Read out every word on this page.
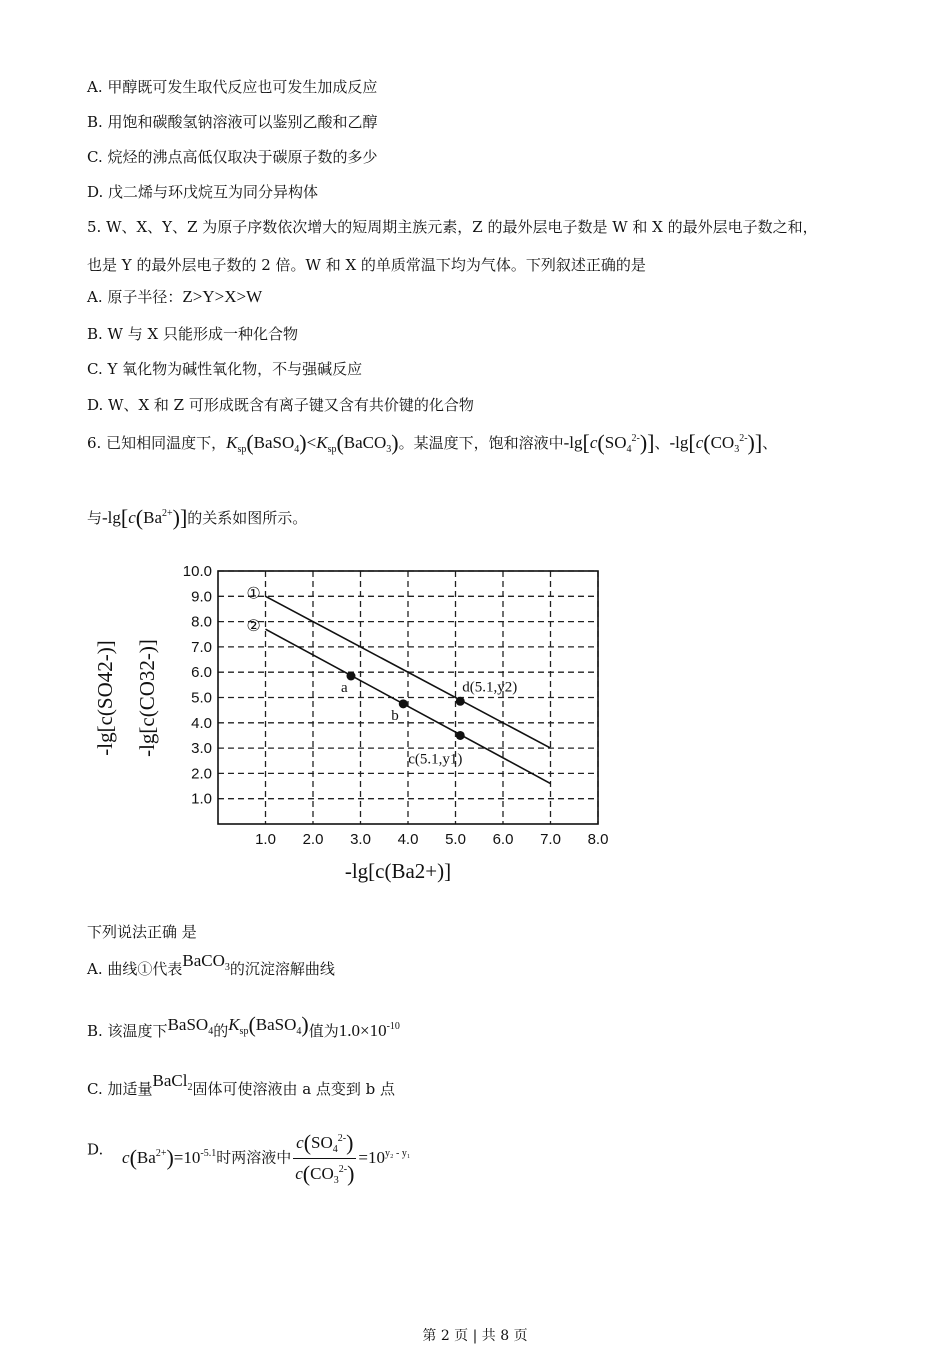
A. 甲醇既可发生取代反应也可发生加成反应
B. 用饱和碳酸氢钠溶液可以鉴别乙酸和乙醇
C. 烷烃的沸点高低仅取决于碳原子数的多少
D. 戊二烯与环戊烷互为同分异构体
5. W、X、Y、Z 为原子序数依次增大的短周期主族元素，Z 的最外层电子数是 W 和 X 的最外层电子数之和，
也是 Y 的最外层电子数的 2 倍。W 和 X 的单质常温下均为气体。下列叙述正确的是
A. 原子半径：Z>Y>X>W
B. W 与 X 只能形成一种化合物
C. Y 氧化物为碱性氧化物，不与强碱反应
D. W、X 和 Z 可形成既含有离子键又含有共价键的化合物
6. 已知相同温度下，$K_{sp}(BaSO_4)<K_{sp}(BaCO_3)$。某温度下，饱和溶液中$-\lg[c(SO_4^{2-})]$、$-\lg[c(CO_3^{2-})]$、
与$-\lg[c(Ba^{2+})]$的关系如图所示。
1.0 2.0 3.0 4.0 5.0 6.0 7.0 8.0
1.0
2.0
3.0
4.0
5.0
6.0
7.0
8.0
9.0
10.0
①
②
a
b
d(5.1,y2)
c(5.1,y1)
-lg[c(Ba2+)]
-lg[c(SO42-)] -lg[c(CO32-)]
下列说法正确 是
A. 曲线①代表BaCO$_3$的沉淀溶解曲线
B. 该温度下BaSO$_4$的$K_{sp}(BaSO_4)$值为$1.0\times 10^{-10}$
C. 加适量BaCl$_2$固体可使溶液由 a 点变到 b 点
D. $c(Ba^{2+})=10^{-5.1}$时两溶液中 $\frac{c(SO_4^{2-})}{c(CO_3^{2-})} =10^{y_2 - y_1}$
第 2 页 | 共 8 页
